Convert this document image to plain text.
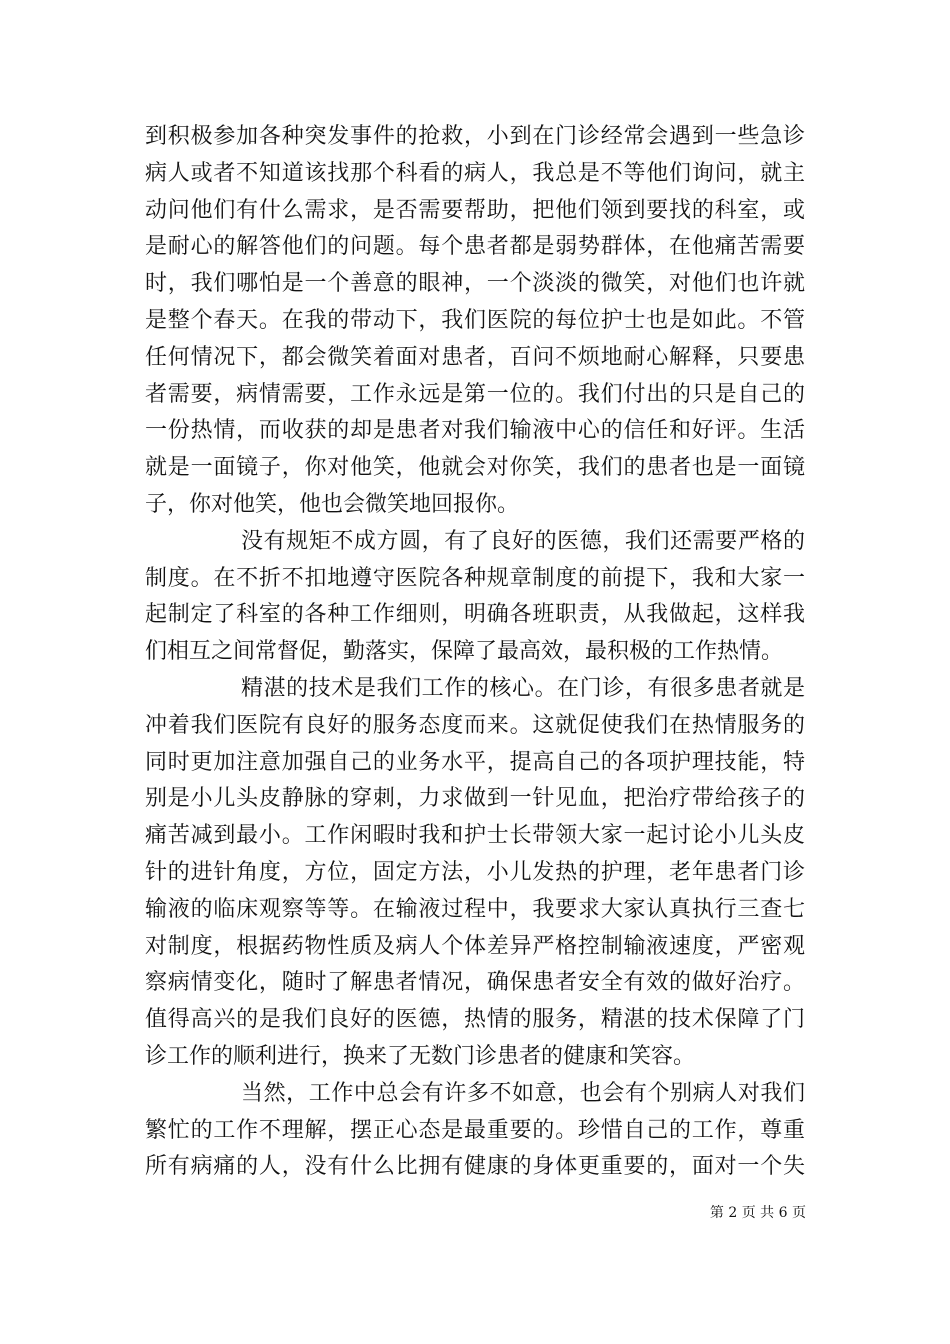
到积极参加各种突发事件的抢救，小到在门诊经常会遇到一些急诊
病人或者不知道该找那个科看的病人，我总是不等他们询问，就主
动问他们有什么需求，是否需要帮助，把他们领到要找的科室，或
是耐心的解答他们的问题。每个患者都是弱势群体，在他痛苦需要
时，我们哪怕是一个善意的眼神，一个淡淡的微笑，对他们也许就
是整个春天。在我的带动下，我们医院的每位护士也是如此。不管
任何情况下，都会微笑着面对患者，百问不烦地耐心解释，只要患
者需要，病情需要，工作永远是第一位的。我们付出的只是自己的
一份热情，而收获的却是患者对我们输液中心的信任和好评。生活
就是一面镜子，你对他笑，他就会对你笑，我们的患者也是一面镜
子，你对他笑，他也会微笑地回报你。
没有规矩不成方圆，有了良好的医德，我们还需要严格的
制度。在不折不扣地遵守医院各种规章制度的前提下，我和大家一
起制定了科室的各种工作细则，明确各班职责，从我做起，这样我
们相互之间常督促，勤落实，保障了最高效，最积极的工作热情。
精湛的技术是我们工作的核心。在门诊，有很多患者就是
冲着我们医院有良好的服务态度而来。这就促使我们在热情服务的
同时更加注意加强自己的业务水平，提高自己的各项护理技能，特
别是小儿头皮静脉的穿刺，力求做到一针见血，把治疗带给孩子的
痛苦减到最小。工作闲暇时我和护士长带领大家一起讨论小儿头皮
针的进针角度，方位，固定方法，小儿发热的护理，老年患者门诊
输液的临床观察等等。在输液过程中，我要求大家认真执行三查七
对制度，根据药物性质及病人个体差异严格控制输液速度，严密观
察病情变化，随时了解患者情况，确保患者安全有效的做好治疗。
值得高兴的是我们良好的医德，热情的服务，精湛的技术保障了门
诊工作的顺利进行，换来了无数门诊患者的健康和笑容。
当然，工作中总会有许多不如意，也会有个别病人对我们
繁忙的工作不理解，摆正心态是最重要的。珍惜自己的工作，尊重
所有病痛的人，没有什么比拥有健康的身体更重要的，面对一个失
第 2 页 共 6 页
